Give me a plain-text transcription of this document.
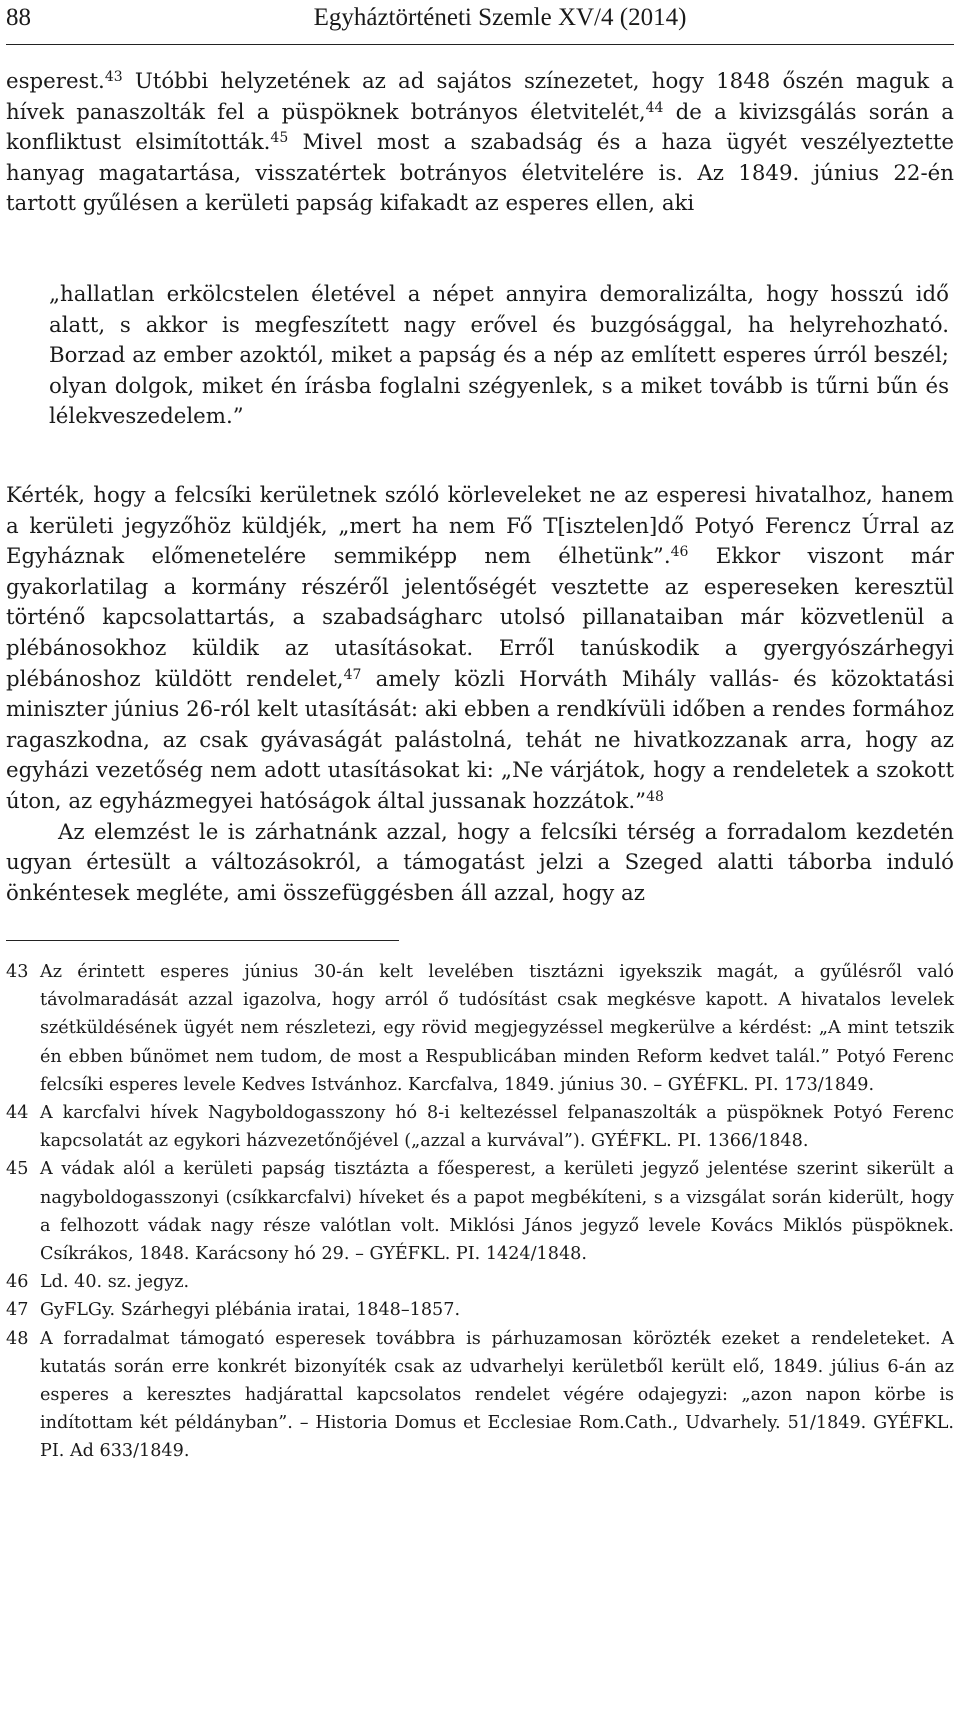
88	Egyháztörténeti Szemle XV/4 (2014)

esperest.$^{43}$ Utóbbi helyzetének az ad sajátos színezetet, hogy 1848 őszén maguk a hívek panaszolták fel a püspöknek botrányos életvitelét,$^{44}$ de a kivizsgálás során a konfliktust elsimították.$^{45}$ Mivel most a szabadság és a haza ügyét veszélyeztette hanyag magatartása, visszatértek botrányos életvitelére is. Az 1849. június 22-én tartott gyűlésen a kerületi papság kifakadt az esperes ellen, aki

„hallatlan erkölcstelen életével a népet annyira demoralizálta, hogy hosszú idő alatt, s akkor is megfeszített nagy erővel és buzgósággal, ha helyrehozható. Borzad az ember azoktól, miket a papság és a nép az említett esperes úrról beszél; olyan dolgok, miket én írásba foglalni szégyenlek, s a miket tovább is tűrni bűn és lélekveszedelem.”

Kérték, hogy a felcsíki kerületnek szóló körleveleket ne az esperesi hivatalhoz, hanem a kerületi jegyzőhöz küldjék, „mert ha nem Fő T[isztelen]dő Potyó Ferencz Úrral az Egyháznak előmenetelére semmiképp nem élhetünk”.$^{46}$ Ekkor viszont már gyakorlatilag a kormány részéről jelentőségét vesztette az espereseken keresztül történő kapcsolattartás, a szabadságharc utolsó pillanataiban már közvetlenül a plébánosokhoz küldik az utasításokat. Erről tanúskodik a gyergyószárhegyi plébánoshoz küldött rendelet,$^{47}$ amely közli Horváth Mihály vallás- és közoktatási miniszter június 26-ról kelt utasítását: aki ebben a rendkívüli időben a rendes formához ragaszkodna, az csak gyávaságát palástolná, tehát ne hivatkozzanak arra, hogy az egyházi vezetőség nem adott utasításokat ki: „Ne várjátok, hogy a rendeletek a szokott úton, az egyházmegyei hatóságok által jussanak hozzátok.”$^{48}$

Az elemzést le is zárhatnánk azzal, hogy a felcsíki térség a forradalom kezdetén ugyan értesült a változásokról, a támogatást jelzi a Szeged alatti táborba induló önkéntesek megléte, ami összefüggésben áll azzal, hogy az

43 Az érintett esperes június 30-án kelt levelében tisztázni igyekszik magát, a gyűlésről való távolmaradását azzal igazolva, hogy arról ő tudósítást csak megkésve kapott. A hivatalos levelek szétküldésének ügyét nem részletezi, egy rövid megjegyzéssel megkerülve a kérdést: „A mint tetszik én ebben bűnömet nem tudom, de most a Respublicában minden Reform kedvet talál.” Potyó Ferenc felcsíki esperes levele Kedves Istvánhoz. Karcfalva, 1849. június 30. – GYÉFKL. PI. 173/1849.

44 A karcfalvi hívek Nagyboldogasszony hó 8-i keltezéssel felpanaszolták a püspöknek Potyó Ferenc kapcsolatát az egykori házvezetőnőjével („azzal a kurvával”). GYÉFKL. PI. 1366/1848.

45 A vádak alól a kerületi papság tisztázta a főesperest, a kerületi jegyző jelentése szerint sikerült a nagyboldogasszonyi (csíkkarcfalvi) híveket és a papot megbékíteni, s a vizsgálat során kiderült, hogy a felhozott vádak nagy része valótlan volt. Miklósi János jegyző levele Kovács Miklós püspöknek. Csíkrákos, 1848. Karácsony hó 29. – GYÉFKL. PI. 1424/1848.

46 Ld. 40. sz. jegyz.

47 GyFLGy. Szárhegyi plébánia iratai, 1848–1857.

48 A forradalmat támogató esperesek továbbra is párhuzamosan körözték ezeket a rendeleteket. A kutatás során erre konkrét bizonyíték csak az udvarhelyi kerületből került elő, 1849. július 6-án az esperes a keresztes hadjárattal kapcsolatos rendelet végére odajegyzi: „azon napon körbe is indítottam két példányban”. – Historia Domus et Ecclesiae Rom.Cath., Udvarhely. 51/1849. GYÉFKL. PI. Ad 633/1849.
